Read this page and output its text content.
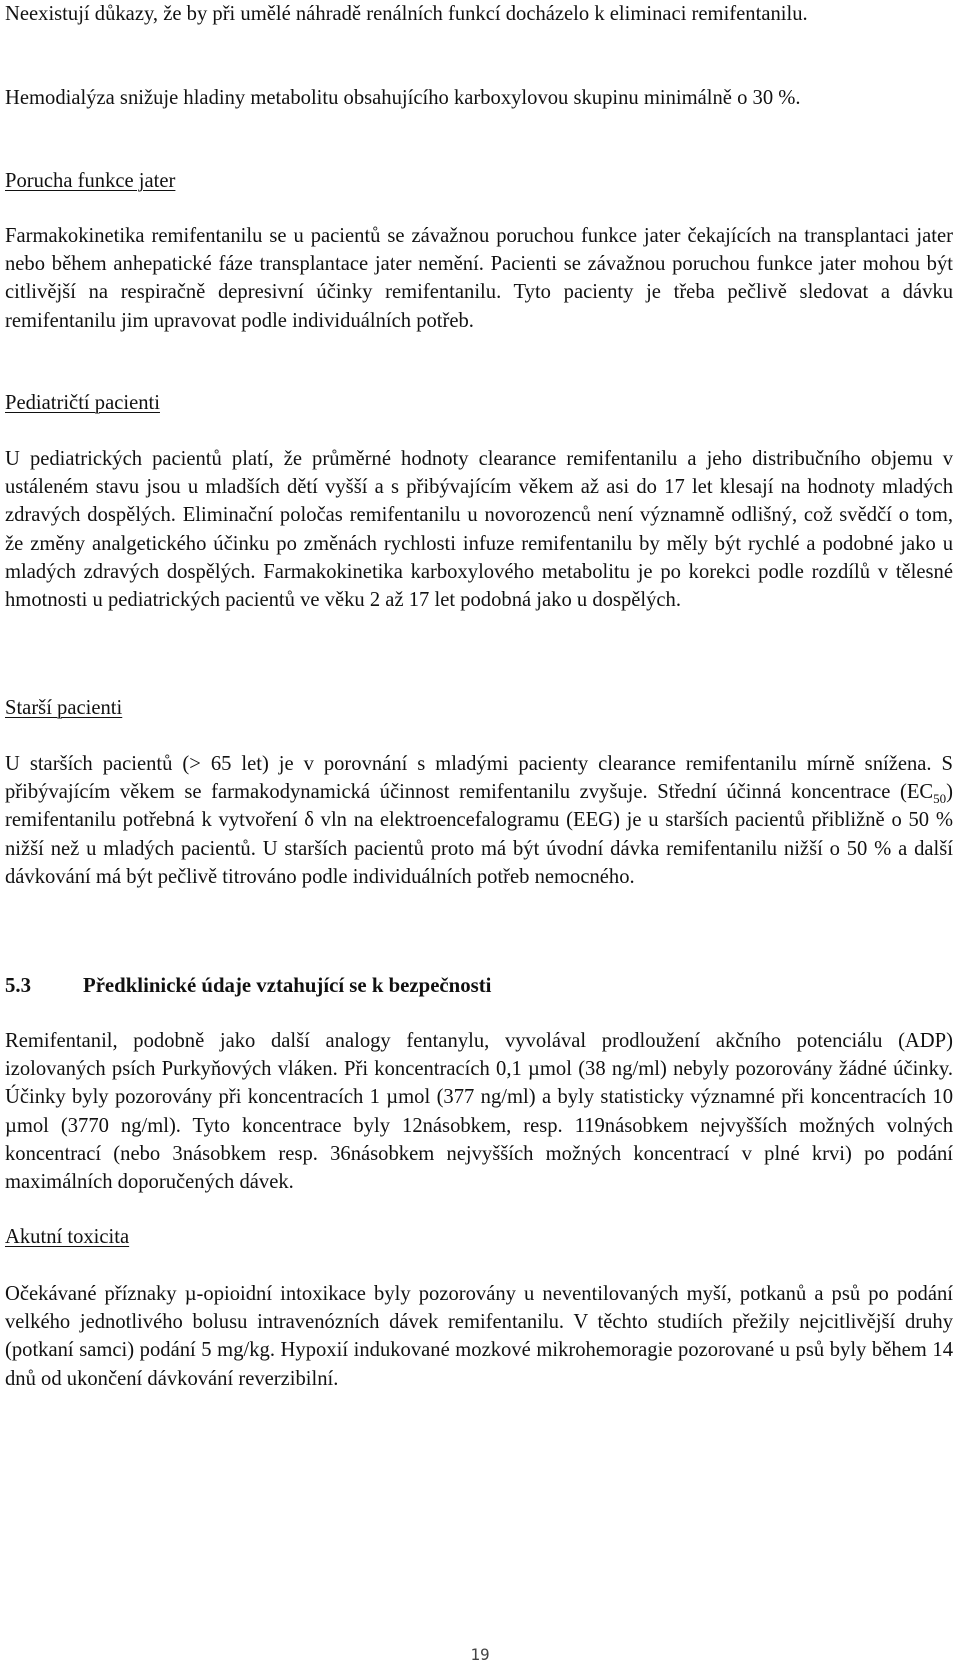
Neexistují důkazy, že by při umělé náhradě renálních funkcí docházelo k eliminaci remifentanilu.

Hemodialýza snižuje hladiny metabolitu obsahujícího karboxylovou skupinu minimálně o 30 %.

Porucha funkce jater

Farmakokinetika remifentanilu se u pacientů se závažnou poruchou funkce jater čekajících na transplantaci jater nebo během anhepatické fáze transplantace jater nemění. Pacienti se závažnou poruchou funkce jater mohou být citlivější na respiračně depresivní účinky remifentanilu. Tyto pacienty je třeba pečlivě sledovat a dávku remifentanilu jim upravovat podle individuálních potřeb.

Pediatričtí pacienti

U pediatrických pacientů platí, že průměrné hodnoty clearance remifentanilu a jeho distribučního objemu v ustáleném stavu jsou u mladších dětí vyšší a s přibývajícím věkem až asi do 17 let klesají na hodnoty mladých zdravých dospělých. Eliminační poločas remifentanilu u novorozenců není významně odlišný, což svědčí o tom, že změny analgetického účinku po změnách rychlosti infuze remifentanilu by měly být rychlé a podobné jako u mladých zdravých dospělých. Farmakokinetika karboxylového metabolitu je po korekci podle rozdílů v tělesné hmotnosti u pediatrických pacientů ve věku 2 až 17 let podobná jako u dospělých.

Starší pacienti

U starších pacientů (> 65 let) je v porovnání s mladými pacienty clearance remifentanilu mírně snížena. S přibývajícím věkem se farmakodynamická účinnost remifentanilu zvyšuje. Střední účinná koncentrace $(EC_{50})$ remifentanilu potřebná k vytvoření δ vln na elektroencefalogramu (EEG) je u starších pacientů přibližně o 50 % nižší než u mladých pacientů. U starších pacientů proto má být úvodní dávka remifentanilu nižší o 50 % a další dávkování má být pečlivě titrováno podle individuálních potřeb nemocného.

5.3	Předklinické údaje vztahující se k bezpečnosti

Remifentanil, podobně jako další analogy fentanylu, vyvolával prodloužení akčního potenciálu (ADP) izolovaných psích Purkyňových vláken. Při koncentracích 0,1 µmol (38 ng/ml) nebyly pozorovány žádné účinky. Účinky byly pozorovány při koncentracích 1 µmol (377 ng/ml) a byly statisticky významné při koncentracích 10 µmol (3770 ng/ml). Tyto koncentrace byly 12násobkem, resp. 119násobkem nejvyšších možných volných koncentrací (nebo 3násobkem resp. 36násobkem nejvyšších možných koncentrací v plné krvi) po podání maximálních doporučených dávek.

Akutní toxicita

Očekávané příznaky µ-opioidní intoxikace byly pozorovány u neventilovaných myší, potkanů a psů po podání velkého jednotlivého bolusu intravenózních dávek remifentanilu. V těchto studiích přežily nejcitlivější druhy (potkaní samci) podání 5 mg/kg. Hypoxií indukované mozkové mikrohemoragie pozorované u psů byly během 14 dnů od ukončení dávkování reverzibilní.

19
